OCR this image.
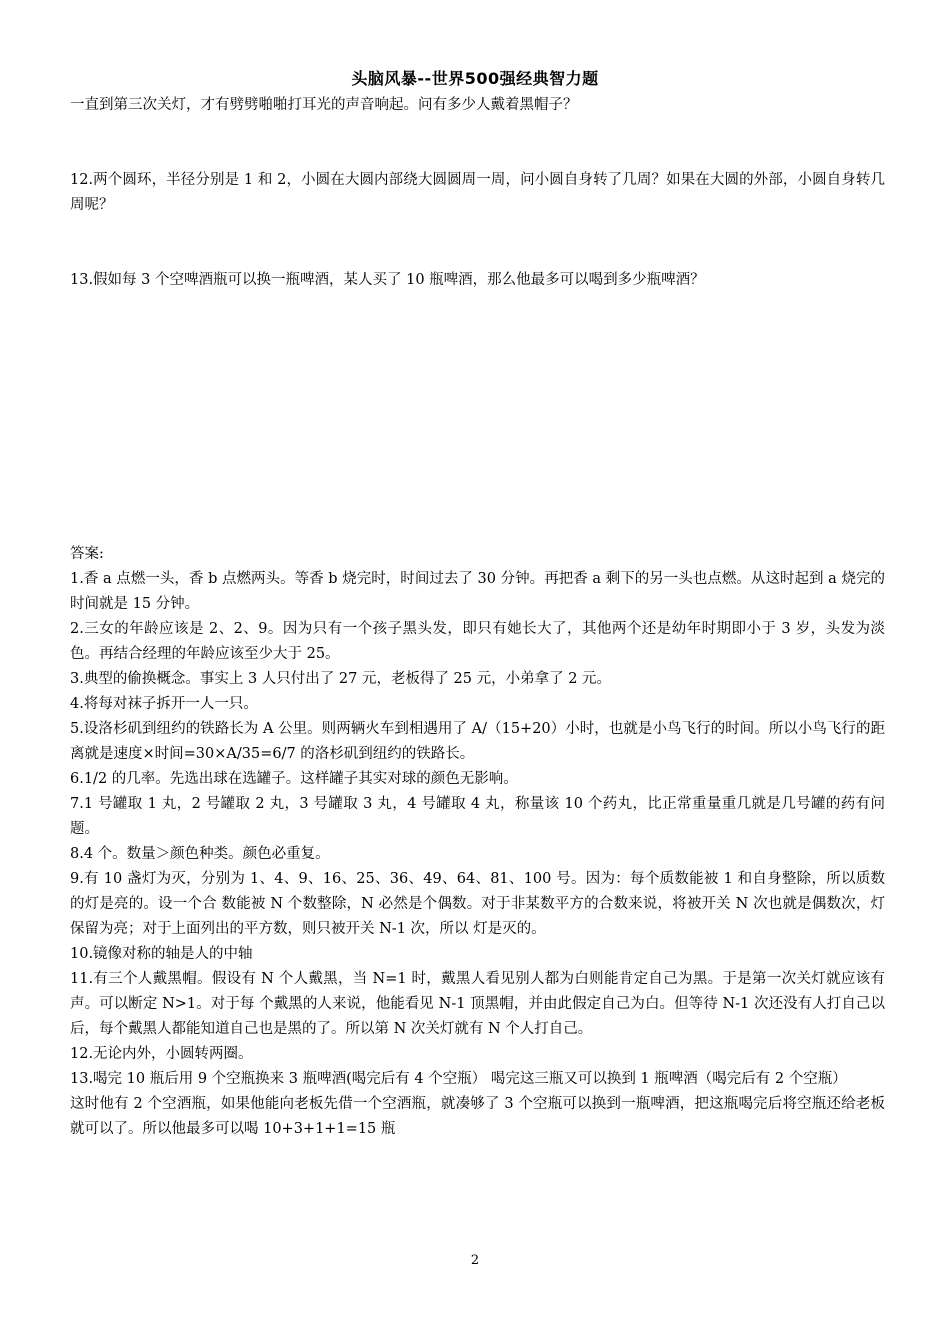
头脑风暴--世界500强经典智力题
一直到第三次关灯，才有劈劈啪啪打耳光的声音响起。问有多少人戴着黑帽子？
12.两个圆环，半径分别是 1 和 2，小圆在大圆内部绕大圆圆周一周，问小圆自身转了几周？如果在大圆的外部，小圆自身转几周呢？
13.假如每 3 个空啤酒瓶可以换一瓶啤酒，某人买了 10 瓶啤酒，那么他最多可以喝到多少瓶啤酒？

答案:

1.香 a 点燃一头，香 b 点燃两头。等香 b 烧完时，时间过去了 30 分钟。再把香 a 剩下的另一头也点燃。从这时起到 a 烧完的时间就是 15 分钟。

2.三女的年龄应该是 2、2、9。因为只有一个孩子黑头发，即只有她长大了，其他两个还是幼年时期即小于 3 岁，头发为淡色。再结合经理的年龄应该至少大于 25。

3.典型的偷换概念。事实上 3 人只付出了 27 元，老板得了 25 元，小弟拿了 2 元。

4.将每对袜子拆开一人一只。

5.设洛杉矶到纽约的铁路长为 A 公里。则两辆火车到相遇用了 A/（15+20）小时，也就是小鸟飞行的时间。所以小鸟飞行的距离就是速度×时间=30×A/35=6/7 的洛杉矶到纽约的铁路长。

6.1/2 的几率。先选出球在选罐子。这样罐子其实对球的颜色无影响。

7.1 号罐取 1 丸，2 号罐取 2 丸，3 号罐取 3 丸，4 号罐取 4 丸，称量该 10 个药丸，比正常重量重几就是几号罐的药有问题。

8.4 个。数量＞颜色种类。颜色必重复。

9.有 10 盏灯为灭，分别为 1、4、9、16、25、36、49、64、81、100 号。因为：每个质数能被 1 和自身整除，所以质数的灯是亮的。设一个合 数能被 N 个数整除，N 必然是个偶数。对于非某数平方的合数来说，将被开关 N 次也就是偶数次，灯保留为亮；对于上面列出的平方数，则只被开关 N-1 次，所以 灯是灭的。

10.镜像对称的轴是人的中轴

11.有三个人戴黑帽。假设有 N 个人戴黑，当 N=1 时，戴黑人看见别人都为白则能肯定自己为黑。于是第一次关灯就应该有声。可以断定 N>1。对于每 个戴黑的人来说，他能看见 N-1 顶黑帽，并由此假定自己为白。但等待 N-1 次还没有人打自己以后，每个戴黑人都能知道自己也是黑的了。所以第 N 次关灯就有 N 个人打自己。

12.无论内外，小圆转两圈。

13.喝完 10 瓶后用 9 个空瓶换来 3 瓶啤酒(喝完后有 4 个空瓶） 喝完这三瓶又可以换到 1 瓶啤酒（喝完后有 2 个空瓶）

这时他有 2 个空酒瓶，如果他能向老板先借一个空酒瓶，就凑够了 3 个空瓶可以换到一瓶啤酒，把这瓶喝完后将空瓶还给老板就可以了。所以他最多可以喝 10+3+1+1=15 瓶

2
